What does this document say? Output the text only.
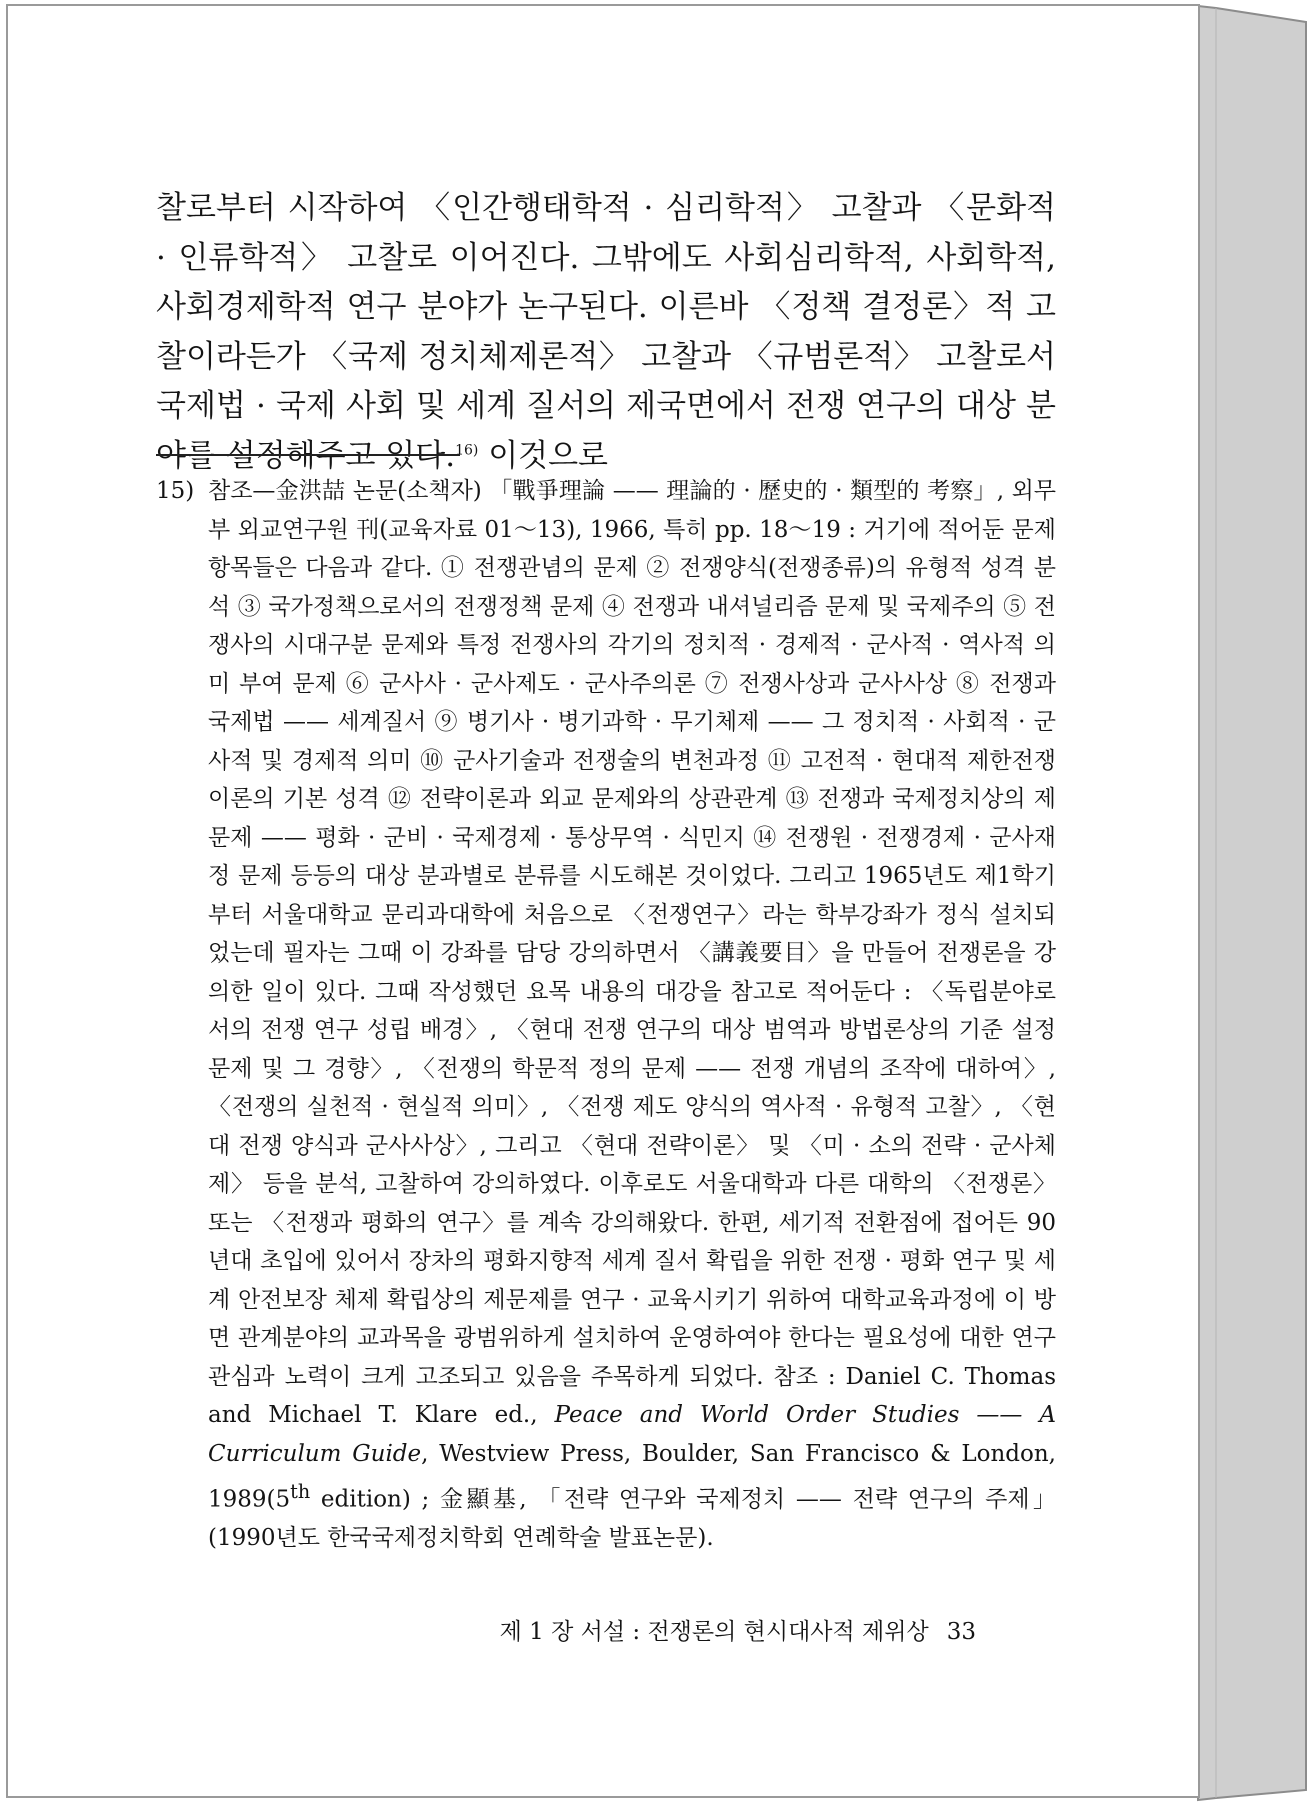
찰로부터 시작하여 〈인간행태학적 · 심리학적〉 고찰과 〈문화적 · 인류학적〉 고찰로 이어진다. 그밖에도 사회심리학적, 사회학적, 사회경제학적 연구 분야가 논구된다. 이른바 〈정책 결정론〉적 고찰이라든가 〈국제 정치체제론적〉 고찰과 〈규범론적〉 고찰로서 국제법 · 국제 사회 및 세계 질서의 제국면에서 전쟁 연구의 대상 분야를 설정해주고 있다.$^{16)}$ 이것으로

15) 참조—金洪喆 논문(소책자) 「戰爭理論 —— 理論的 · 歷史的 · 類型的 考察」, 외무부 외교연구원 刊(교육자료 01～13), 1966, 특히 pp. 18～19 : 거기에 적어둔 문제 항목들은 다음과 같다. ① 전쟁관념의 문제 ② 전쟁양식(전쟁종류)의 유형적 성격 분석 ③ 국가정책으로서의 전쟁정책 문제 ④ 전쟁과 내셔널리즘 문제 및 국제주의 ⑤ 전쟁사의 시대구분 문제와 특정 전쟁사의 각기의 정치적 · 경제적 · 군사적 · 역사적 의미 부여 문제 ⑥ 군사사 · 군사제도 · 군사주의론 ⑦ 전쟁사상과 군사사상 ⑧ 전쟁과 국제법 —— 세계질서 ⑨ 병기사 · 병기과학 · 무기체제 —— 그 정치적 · 사회적 · 군사적 및 경제적 의미 ⑩ 군사기술과 전쟁술의 변천과정 ⑪ 고전적 · 현대적 제한전쟁 이론의 기본 성격 ⑫ 전략이론과 외교 문제와의 상관관계 ⑬ 전쟁과 국제정치상의 제문제 —— 평화 · 군비 · 국제경제 · 통상무역 · 식민지 ⑭ 전쟁원 · 전쟁경제 · 군사재정 문제 등등의 대상 분과별로 분류를 시도해본 것이었다. 그리고 1965년도 제1학기부터 서울대학교 문리과대학에 처음으로 〈전쟁연구〉라는 학부강좌가 정식 설치되었는데 필자는 그때 이 강좌를 담당 강의하면서 〈講義要目〉을 만들어 전쟁론을 강의한 일이 있다. 그때 작성했던 요목 내용의 대강을 참고로 적어둔다 : 〈독립분야로서의 전쟁 연구 성립 배경〉, 〈현대 전쟁 연구의 대상 범역과 방법론상의 기준 설정 문제 및 그 경향〉, 〈전쟁의 학문적 정의 문제 —— 전쟁 개념의 조작에 대하여〉, 〈전쟁의 실천적 · 현실적 의미〉, 〈전쟁 제도 양식의 역사적 · 유형적 고찰〉, 〈현대 전쟁 양식과 군사사상〉, 그리고 〈현대 전략이론〉 및 〈미 · 소의 전략 · 군사체제〉 등을 분석, 고찰하여 강의하였다. 이후로도 서울대학과 다른 대학의 〈전쟁론〉 또는 〈전쟁과 평화의 연구〉를 계속 강의해왔다. 한편, 세기적 전환점에 접어든 90년대 초입에 있어서 장차의 평화지향적 세계 질서 확립을 위한 전쟁 · 평화 연구 및 세계 안전보장 체제 확립상의 제문제를 연구 · 교육시키기 위하여 대학교육과정에 이 방면 관계분야의 교과목을 광범위하게 설치하여 운영하여야 한다는 필요성에 대한 연구 관심과 노력이 크게 고조되고 있음을 주목하게 되었다. 참조 : Daniel C. Thomas and Michael T. Klare ed., Peace and World Order Studies —— A Curriculum Guide, Westview Press, Boulder, San Francisco & London, 1989(5th edition) ; 金顯基, 「전략 연구와 국제정치 —— 전략 연구의 주제」(1990년도 한국국제정치학회 연례학술 발표논문).
제 1 장 서설 : 전쟁론의 현시대사적 제위상 33
